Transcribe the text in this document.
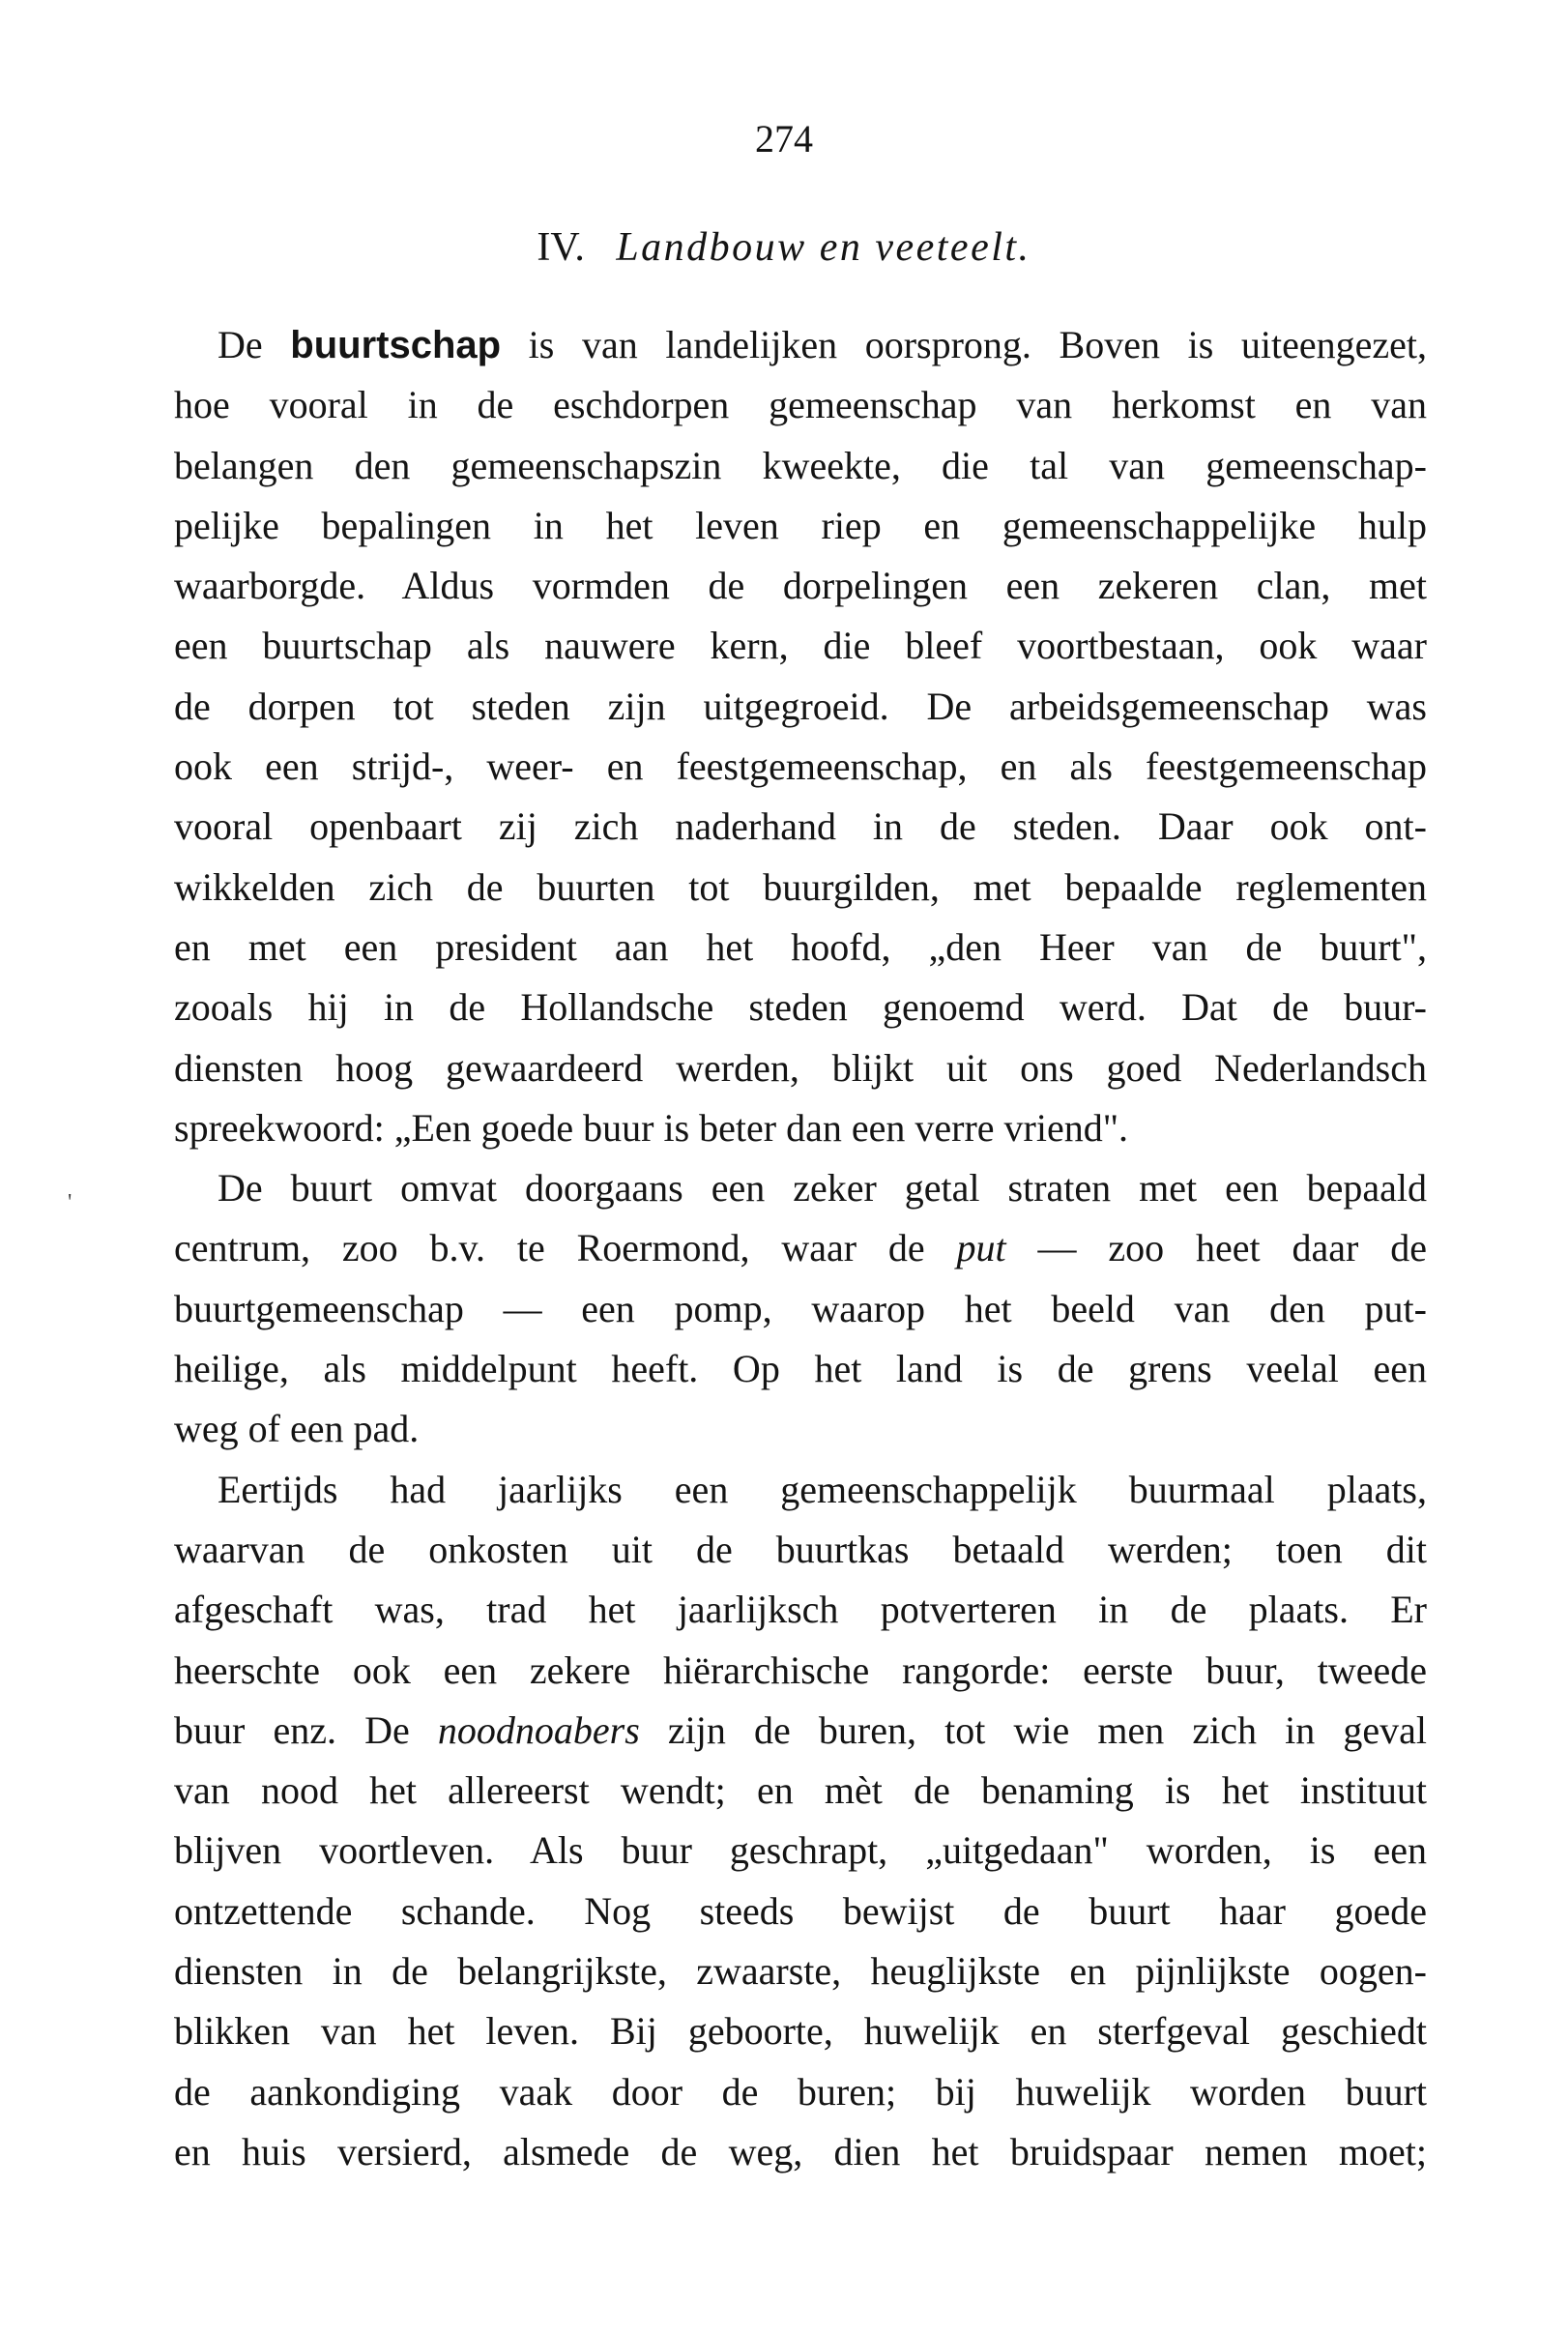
274
IV. Landbouw en veeteelt.
'
De buurtschap is van landelijken oorsprong. Boven is uiteengezet,
hoe vooral in de eschdorpen gemeenschap van herkomst en van
belangen den gemeenschapszin kweekte, die tal van gemeenschap-
pelijke bepalingen in het leven riep en gemeenschappelijke hulp
waarborgde. Aldus vormden de dorpelingen een zekeren clan, met
een buurtschap als nauwere kern, die bleef voortbestaan, ook waar
de dorpen tot steden zijn uitgegroeid. De arbeidsgemeenschap was
ook een strijd-, weer- en feestgemeenschap, en als feestgemeenschap
vooral openbaart zij zich naderhand in de steden. Daar ook ont-
wikkelden zich de buurten tot buurgilden, met bepaalde reglementen
en met een president aan het hoofd, „den Heer van de buurt",
zooals hij in de Hollandsche steden genoemd werd. Dat de buur-
diensten hoog gewaardeerd werden, blijkt uit ons goed Nederlandsch
spreekwoord: „Een goede buur is beter dan een verre vriend".
De buurt omvat doorgaans een zeker getal straten met een bepaald
centrum, zoo b.v. te Roermond, waar de put — zoo heet daar de
buurtgemeenschap — een pomp, waarop het beeld van den put-
heilige, als middelpunt heeft. Op het land is de grens veelal een
weg of een pad.
Eertijds had jaarlijks een gemeenschappelijk buurmaal plaats,
waarvan de onkosten uit de buurtkas betaald werden; toen dit
afgeschaft was, trad het jaarlijksch potverteren in de plaats. Er
heerschte ook een zekere hiërarchische rangorde: eerste buur, tweede
buur enz. De noodnoabers zijn de buren, tot wie men zich in geval
van nood het allereerst wendt; en mèt de benaming is het instituut
blijven voortleven. Als buur geschrapt, „uitgedaan" worden, is een
ontzettende schande. Nog steeds bewijst de buurt haar goede
diensten in de belangrijkste, zwaarste, heuglijkste en pijnlijkste oogen-
blikken van het leven. Bij geboorte, huwelijk en sterfgeval geschiedt
de aankondiging vaak door de buren; bij huwelijk worden buurt
en huis versierd, alsmede de weg, dien het bruidspaar nemen moet;
